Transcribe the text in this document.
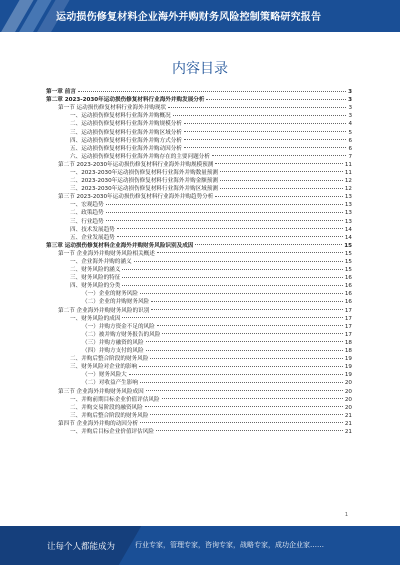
运动损伤修复材料企业海外并购财务风险控制策略研究报告
内容目录
第一章 前言	3
第二章 2023-2030年运动损伤修复材料行业海外并购发展分析	3
第一节 运动损伤修复材料行业海外并购现状	3
一、运动损伤修复材料行业海外并购概况	3
二、运动损伤修复材料行业海外并购规模分析	4
三、运动损伤修复材料行业海外并购区域分析	5
四、运动损伤修复材料行业海外并购方式分析	6
五、运动损伤修复材料行业海外并购动因分析	6
六、运动损伤修复材料行业海外并购存在的主要问题分析	7
第二节 2023-2030年运动损伤修复材料行业海外并购规模预测	11
一、2023-2030年运动损伤修复材料行业海外并购数量预测	11
二、2023-2030年运动损伤修复材料行业海外并购金额预测	12
三、2023-2030年运动损伤修复材料行业海外并购区域预测	12
第三节 2023-2030年运动损伤修复材料行业海外并购趋势分析	13
一、宏观趋势	13
二、政策趋势	13
三、行业趋势	13
四、技术发展趋势	14
五、企业发展趋势	14
第三章 运动损伤修复材料企业海外并购财务风险识别及成因	15
第一节 企业海外并购财务风险相关概述	15
一、企业海外并购的涵义	15
二、财务风险的涵义	15
三、财务风险的特征	16
四、财务风险的分类	16
（一）企业的财务风险	16
（二）企业的并购财务风险	16
第二节 企业海外并购财务风险的识别	17
一、财务风险的成因	17
（一）并购方资金不足的风险	17
（二）被并购方财务报告的风险	17
（三）并购方融资的风险	18
（四）并购方支付的风险	18
二、并购后整合阶段的财务风险	19
三、财务风险对企业的影响	19
（一）财务风险大	19
（二）对收益产生影响	20
第三节 企业海外并购财务风险成因	20
一、并购前期目标企业价值评估风险	20
二、并购交易阶段的融资风险	20
三、并购后整合阶段的财务风险	21
第四节 企业海外并购的动因分析	21
一、并购后目标企业价值评估风险	21
1
让每个人都能成为	行业专家，管理专家，咨询专家，战略专家，成功企业家……
